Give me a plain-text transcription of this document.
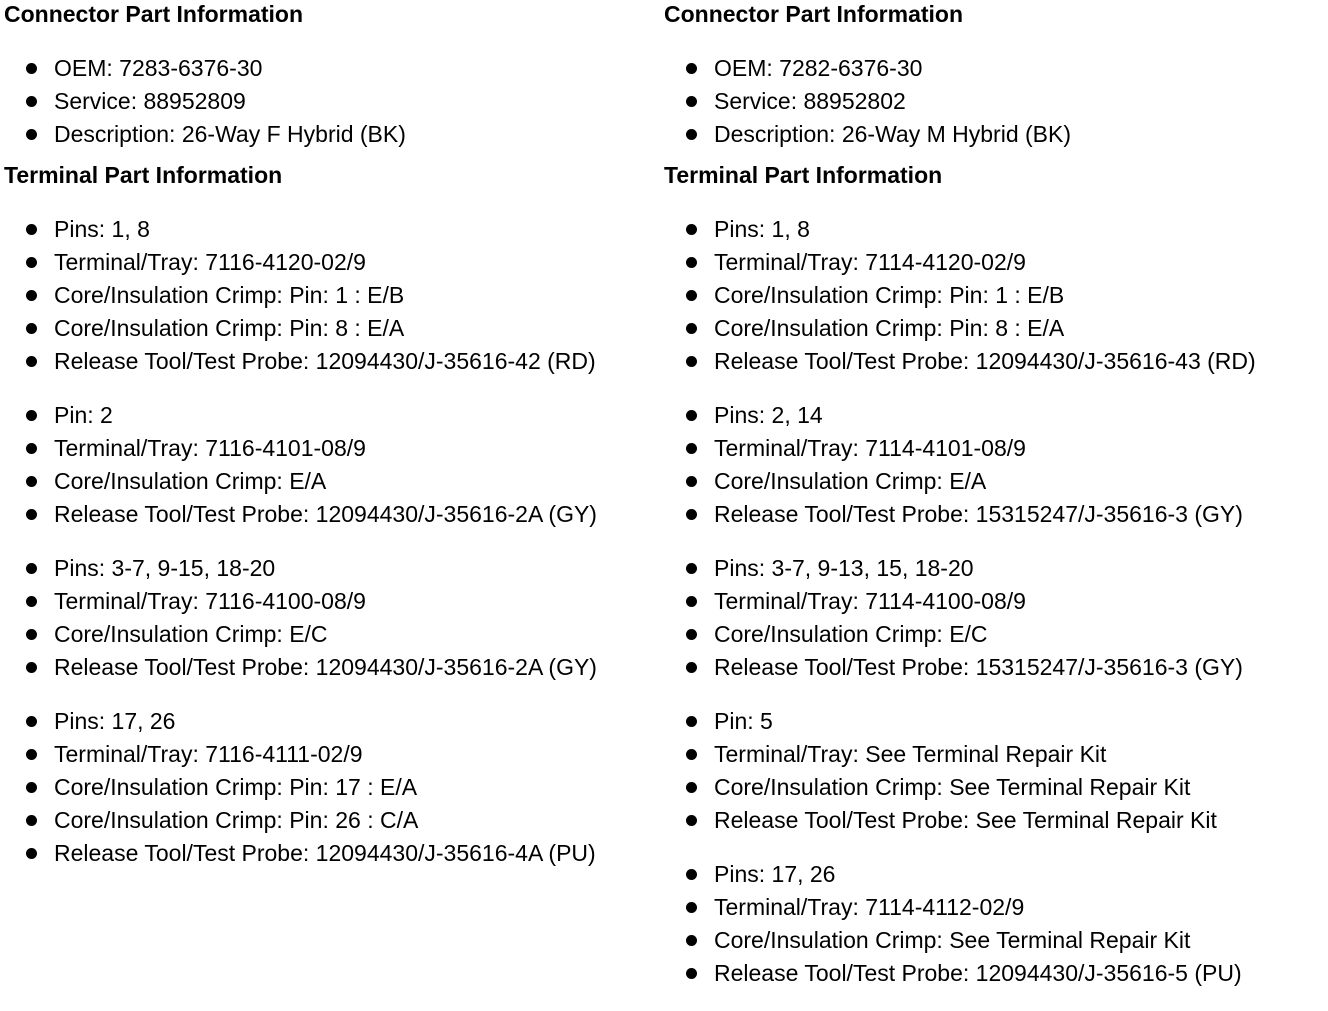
Connector Part Information
OEM: 7283-6376-30
Service: 88952809
Description: 26-Way F Hybrid (BK)
Terminal Part Information
Pins: 1, 8
Terminal/Tray: 7116-4120-02/9
Core/Insulation Crimp: Pin: 1 : E/B
Core/Insulation Crimp: Pin: 8 : E/A
Release Tool/Test Probe: 12094430/J-35616-42 (RD)
Pin: 2
Terminal/Tray: 7116-4101-08/9
Core/Insulation Crimp: E/A
Release Tool/Test Probe: 12094430/J-35616-2A (GY)
Pins: 3-7, 9-15, 18-20
Terminal/Tray: 7116-4100-08/9
Core/Insulation Crimp: E/C
Release Tool/Test Probe: 12094430/J-35616-2A (GY)
Pins: 17, 26
Terminal/Tray: 7116-4111-02/9
Core/Insulation Crimp: Pin: 17 : E/A
Core/Insulation Crimp: Pin: 26 : C/A
Release Tool/Test Probe: 12094430/J-35616-4A (PU)
Connector Part Information
OEM: 7282-6376-30
Service: 88952802
Description: 26-Way M Hybrid (BK)
Terminal Part Information
Pins: 1, 8
Terminal/Tray: 7114-4120-02/9
Core/Insulation Crimp: Pin: 1 : E/B
Core/Insulation Crimp: Pin: 8 : E/A
Release Tool/Test Probe: 12094430/J-35616-43 (RD)
Pins: 2, 14
Terminal/Tray: 7114-4101-08/9
Core/Insulation Crimp: E/A
Release Tool/Test Probe: 15315247/J-35616-3 (GY)
Pins: 3-7, 9-13, 15, 18-20
Terminal/Tray: 7114-4100-08/9
Core/Insulation Crimp: E/C
Release Tool/Test Probe: 15315247/J-35616-3 (GY)
Pin: 5
Terminal/Tray: See Terminal Repair Kit
Core/Insulation Crimp: See Terminal Repair Kit
Release Tool/Test Probe: See Terminal Repair Kit
Pins: 17, 26
Terminal/Tray: 7114-4112-02/9
Core/Insulation Crimp: See Terminal Repair Kit
Release Tool/Test Probe: 12094430/J-35616-5 (PU)
